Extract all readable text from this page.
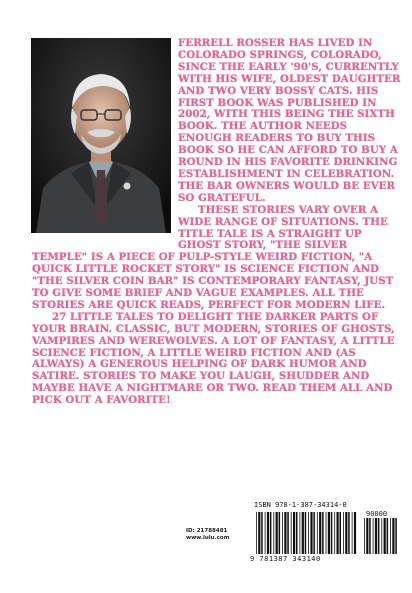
FERRELL ROSSER HAS LIVED IN COLORADO SPRINGS, COLORADO, SINCE THE EARLY '90'S, CURRENTLY WITH HIS WIFE, OLDEST DAUGHTER AND TWO VERY BOSSY CATS. HIS FIRST BOOK WAS PUBLISHED IN 2002, WITH THIS BEING THE SIXTH BOOK. THE AUTHOR NEEDS ENOUGH READERS TO BUY THIS BOOK SO HE CAN AFFORD TO BUY A ROUND IN HIS FAVORITE DRINKING ESTABLISHMENT IN CELEBRATION. THE BAR OWNERS WOULD BE EVER SO GRATEFUL.

THESE STORIES VARY OVER A WIDE RANGE OF SITUATIONS. THE TITLE TALE IS A STRAIGHT UP GHOST STORY, "THE SILVER TEMPLE" IS A PIECE OF PULP-STYLE WEIRD FICTION, "A QUICK LITTLE ROCKET STORY" IS SCIENCE FICTION AND "THE SILVER COIN BAR" IS CONTEMPORARY FANTASY, JUST TO GIVE SOME BRIEF AND VAGUE EXAMPLES. ALL THE STORIES ARE QUICK READS, PERFECT FOR MODERN LIFE.

27 LITTLE TALES TO DELIGHT THE DARKER PARTS OF YOUR BRAIN. CLASSIC, BUT MODERN, STORIES OF GHOSTS, VAMPIRES AND WEREWOLVES. A LOT OF FANTASY, A LITTLE SCIENCE FICTION, A LITTLE WEIRD FICTION AND (AS ALWAYS) A GENEROUS HELPING OF DARK HUMOR AND SATIRE. STORIES TO MAKE YOU LAUGH, SHUDDER AND MAYBE HAVE A NIGHTMARE OR TWO. READ THEM ALL AND PICK OUT A FAVORITE!

ID: 21788481
www.lulu.com
ISBN 978-1-387-34314-0
90000
9 781387 343140
